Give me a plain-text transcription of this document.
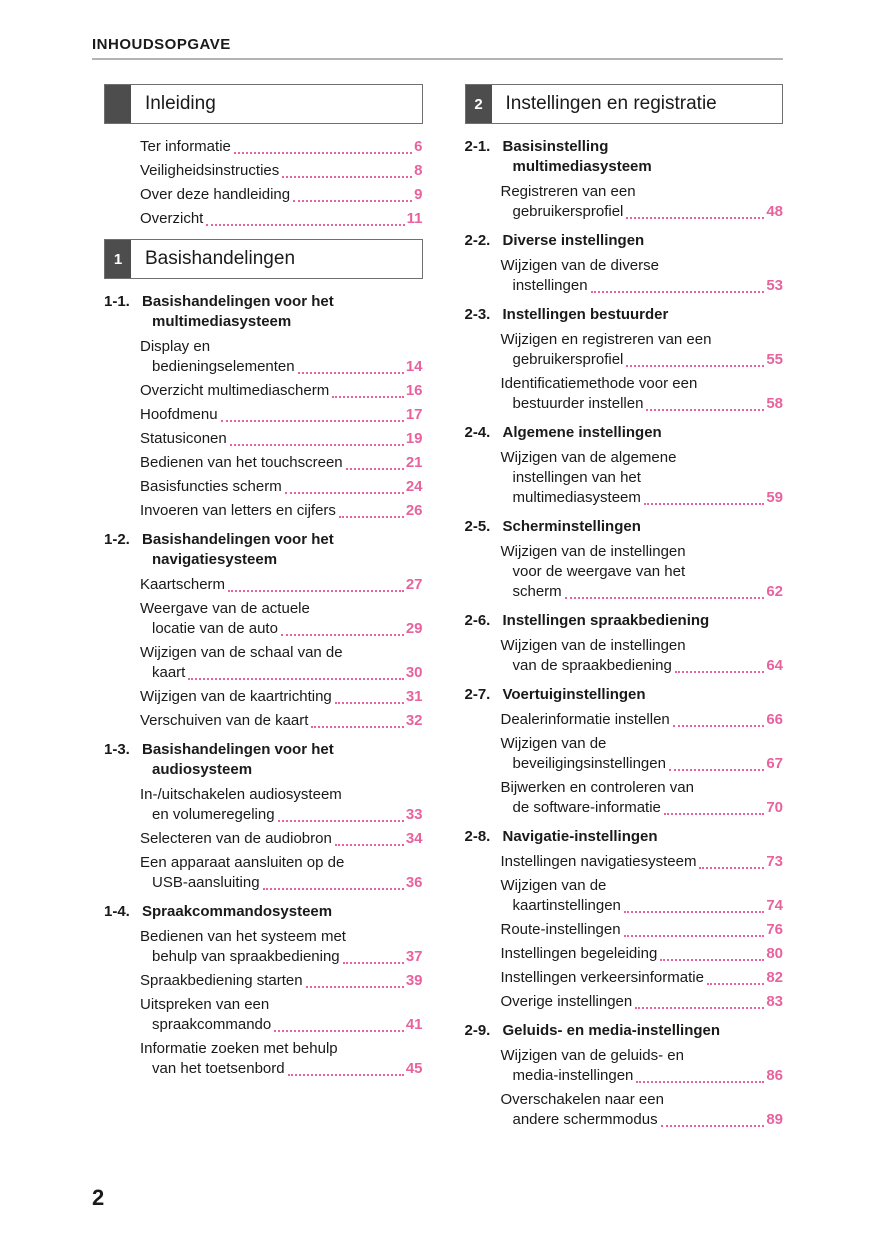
INHOUDSOPGAVE
Inleiding
Ter informatie	6
Veiligheidsinstructies	8
Over deze handleiding	9
Overzicht	11
1	Basishandelingen
1-1. Basishandelingen voor het
multimediasysteem
Display en
bedieningselementen	14
Overzicht multimediascherm	16
Hoofdmenu	17
Statusiconen	19
Bedienen van het touchscreen	21
Basisfuncties scherm	24
Invoeren van letters en cijfers	26
1-2. Basishandelingen voor het
navigatiesysteem
Kaartscherm	27
Weergave van de actuele
locatie van de auto	29
Wijzigen van de schaal van de
kaart	30
Wijzigen van de kaartrichting	31
Verschuiven van de kaart	32
1-3. Basishandelingen voor het
audiosysteem
In-/uitschakelen audiosysteem
en volumeregeling	33
Selecteren van de audiobron	34
Een apparaat aansluiten op de
USB-aansluiting	36
1-4. Spraakcommandosysteem
Bedienen van het systeem met
behulp van spraakbediening	37
Spraakbediening starten	39
Uitspreken van een
spraakcommando	41
Informatie zoeken met behulp
van het toetsenbord	45
2	Instellingen en registratie
2-1. Basisinstelling
multimediasysteem
Registreren van een
gebruikersprofiel	48
2-2. Diverse instellingen
Wijzigen van de diverse
instellingen	53
2-3. Instellingen bestuurder
Wijzigen en registreren van een
gebruikersprofiel	55
Identificatiemethode voor een
bestuurder instellen	58
2-4. Algemene instellingen
Wijzigen van de algemene
instellingen van het
multimediasysteem	59
2-5. Scherminstellingen
Wijzigen van de instellingen
voor de weergave van het
scherm	62
2-6. Instellingen spraakbediening
Wijzigen van de instellingen
van de spraakbediening	64
2-7. Voertuiginstellingen
Dealerinformatie instellen	66
Wijzigen van de
beveiligingsinstellingen	67
Bijwerken en controleren van
de software-informatie	70
2-8. Navigatie-instellingen
Instellingen navigatiesysteem	73
Wijzigen van de
kaartinstellingen	74
Route-instellingen	76
Instellingen begeleiding	80
Instellingen verkeersinformatie	82
Overige instellingen	83
2-9. Geluids- en media-instellingen
Wijzigen van de geluids- en
media-instellingen	86
Overschakelen naar een
andere schermmodus	89
2
